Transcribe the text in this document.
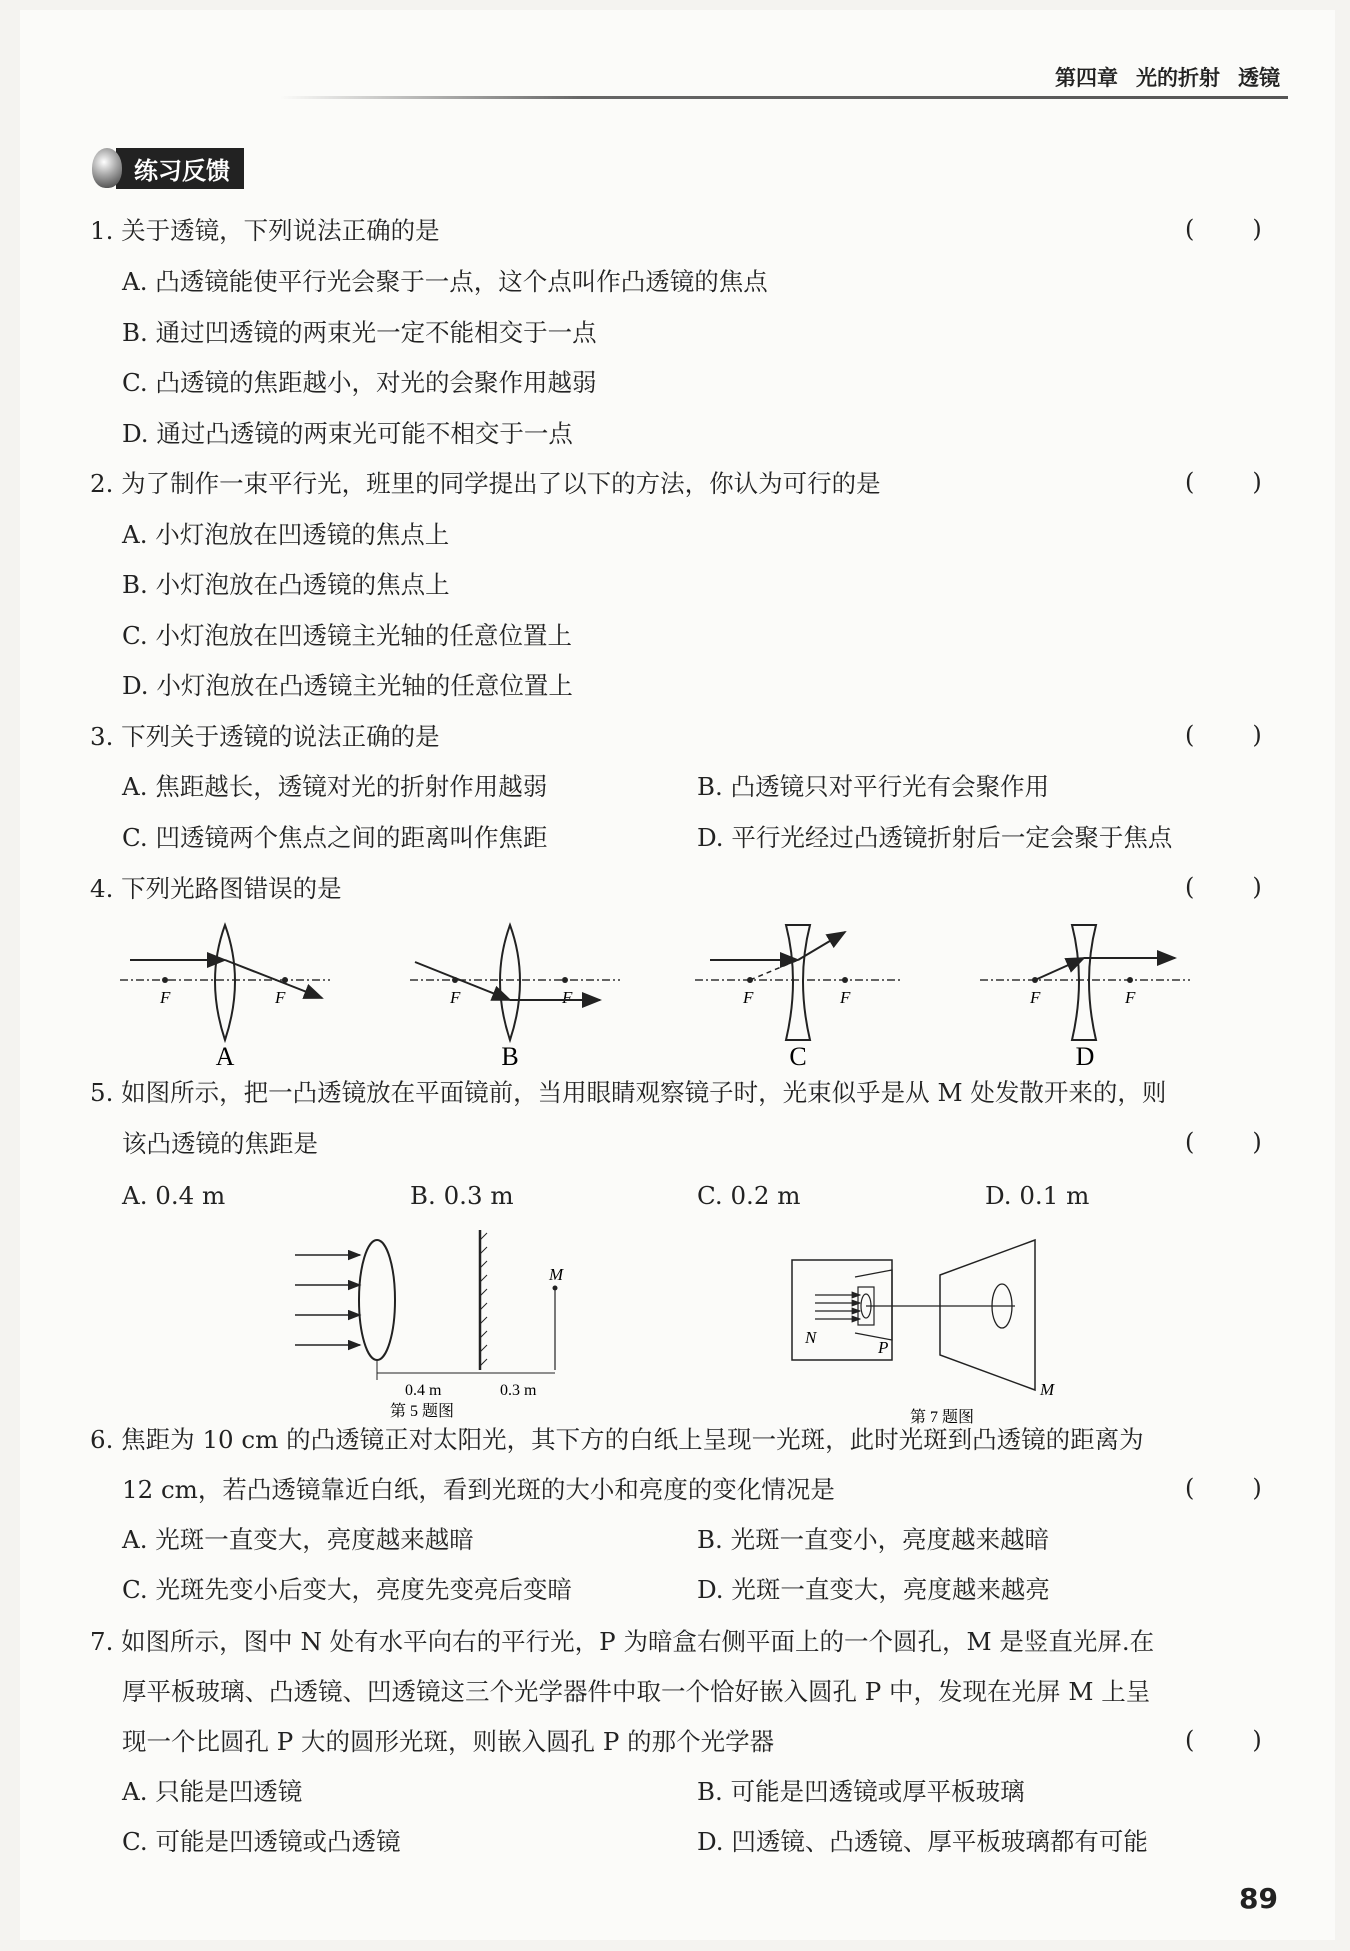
第四章 光的折射 透镜
练习反馈
1. 关于透镜，下列说法正确的是	()
A. 凸透镜能使平行光会聚于一点，这个点叫作凸透镜的焦点
B. 通过凹透镜的两束光一定不能相交于一点
C. 凸透镜的焦距越小，对光的会聚作用越弱
D. 通过凸透镜的两束光可能不相交于一点
2. 为了制作一束平行光，班里的同学提出了以下的方法，你认为可行的是	()
A. 小灯泡放在凹透镜的焦点上
B. 小灯泡放在凸透镜的焦点上
C. 小灯泡放在凹透镜主光轴的任意位置上
D. 小灯泡放在凸透镜主光轴的任意位置上
3. 下列关于透镜的说法正确的是	()
A. 焦距越长，透镜对光的折射作用越弱	B. 凸透镜只对平行光有会聚作用
C. 凹透镜两个焦点之间的距离叫作焦距	D. 平行光经过凸透镜折射后一定会聚于焦点
4. 下列光路图错误的是	()
F	F
A
F	F
B
F	F
C
F	F
D
5. 如图所示，把一凸透镜放在平面镜前，当用眼睛观察镜子时，光束似乎是从 M 处发散开来的，则
该凸透镜的焦距是	()
A. 0.4 m	B. 0.3 m	C. 0.2 m	D. 0.1 m
M
0.4 m	0.3 m
第 5 题图
N
P
M
第 7 题图
6. 焦距为 10 cm 的凸透镜正对太阳光，其下方的白纸上呈现一光斑，此时光斑到凸透镜的距离为
12 cm，若凸透镜靠近白纸，看到光斑的大小和亮度的变化情况是	()
A. 光斑一直变大，亮度越来越暗	B. 光斑一直变小，亮度越来越暗
C. 光斑先变小后变大，亮度先变亮后变暗	D. 光斑一直变大，亮度越来越亮
7. 如图所示，图中 N 处有水平向右的平行光，P 为暗盒右侧平面上的一个圆孔，M 是竖直光屏.在
厚平板玻璃、凸透镜、凹透镜这三个光学器件中取一个恰好嵌入圆孔 P 中，发现在光屏 M 上呈
现一个比圆孔 P 大的圆形光斑，则嵌入圆孔 P 的那个光学器	()
A. 只能是凹透镜	B. 可能是凹透镜或厚平板玻璃
C. 可能是凹透镜或凸透镜	D. 凹透镜、凸透镜、厚平板玻璃都有可能
89
